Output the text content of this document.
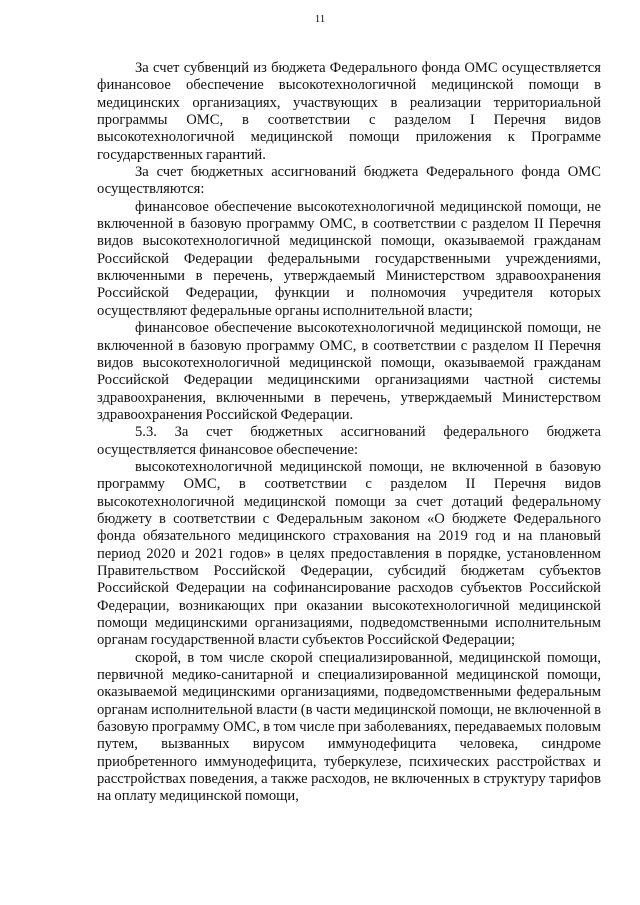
11

За счет субвенций из бюджета Федерального фонда ОМС осуществляется финансовое обеспечение высокотехнологичной медицинской помощи в медицинских организациях, участвующих в реализации территориальной программы ОМС, в соответствии с разделом I Перечня видов высокотехнологичной медицинской помощи приложения к Программе государственных гарантий.

За счет бюджетных ассигнований бюджета Федерального фонда ОМС осуществляются:

финансовое обеспечение высокотехнологичной медицинской помощи, не включенной в базовую программу ОМС, в соответствии с разделом II Перечня видов высокотехнологичной медицинской помощи, оказываемой гражданам Российской Федерации федеральными государственными учреждениями, включенными в перечень, утверждаемый Министерством здравоохранения Российской Федерации, функции и полномочия учредителя которых осуществляют федеральные органы исполнительной власти;

финансовое обеспечение высокотехнологичной медицинской помощи, не включенной в базовую программу ОМС, в соответствии с разделом II Перечня видов высокотехнологичной медицинской помощи, оказываемой гражданам Российской Федерации медицинскими организациями частной системы здравоохранения, включенными в перечень, утверждаемый Министерством здравоохранения Российской Федерации.

5.3. За счет бюджетных ассигнований федерального бюджета осуществляется финансовое обеспечение:

высокотехнологичной медицинской помощи, не включенной в базовую программу ОМС, в соответствии с разделом II Перечня видов высокотехнологичной медицинской помощи за счет дотаций федеральному бюджету в соответствии с Федеральным законом «О бюджете Федерального фонда обязательного медицинского страхования на 2019 год и на плановый период 2020 и 2021 годов» в целях предоставления в порядке, установленном Правительством Российской Федерации, субсидий бюджетам субъектов Российской Федерации на софинансирование расходов субъектов Российской Федерации, возникающих при оказании высокотехнологичной медицинской помощи медицинскими организациями, подведомственными исполнительным органам государственной власти субъектов Российской Федерации;

скорой, в том числе скорой специализированной, медицинской помощи, первичной медико-санитарной и специализированной медицинской помощи, оказываемой медицинскими организациями, подведомственными федеральным органам исполнительной власти (в части медицинской помощи, не включенной в базовую программу ОМС, в том числе при заболеваниях, передаваемых половым путем, вызванных вирусом иммунодефицита человека, синдроме приобретенного иммунодефицита, туберкулезе, психических расстройствах и расстройствах поведения, а также расходов, не включенных в структуру тарифов на оплату медицинской помощи,
